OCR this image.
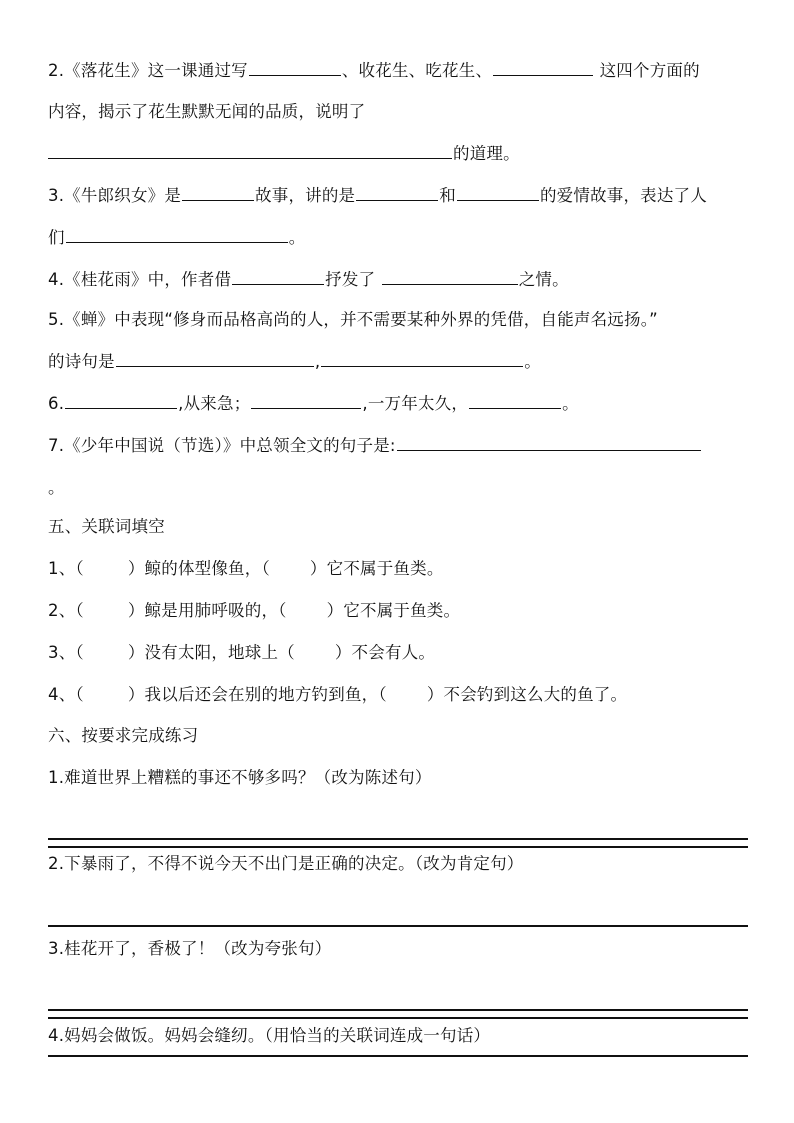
2.《落花生》这一课通过写	、收花生、吃花生、	这四个方面的
内容，揭示了花生默默无闻的品质，说明了
的道理。
3.《牛郎织女》是	故事，讲的是	和	的爱情故事，表达了人
们	。
4.《桂花雨》中，作者借	抒发了	之情。
5.《蝉》中表现“修身而品格高尚的人，并不需要某种外界的凭借，自能声名远扬。”
的诗句是	,	。
6.	,从来急；	,一万年太久，	。
7.《少年中国说（节选）》中总领全文的句子是:
。
五、关联词填空
1、（	）鲸的体型像鱼，（ ）它不属于鱼类。
2、（	）鲸是用肺呼吸的，（ ）它不属于鱼类。
3、（	）没有太阳，地球上（ ）不会有人。
4、（	）我以后还会在别的地方钓到鱼，（ ）不会钓到这么大的鱼了。
六、按要求完成练习
1.难道世界上糟糕的事还不够多吗？（改为陈述句）
2.下暴雨了，不得不说今天不出门是正确的决定。（改为肯定句）
3.桂花开了，香极了！（改为夸张句）
4.妈妈会做饭。妈妈会缝纫。（用恰当的关联词连成一句话）
